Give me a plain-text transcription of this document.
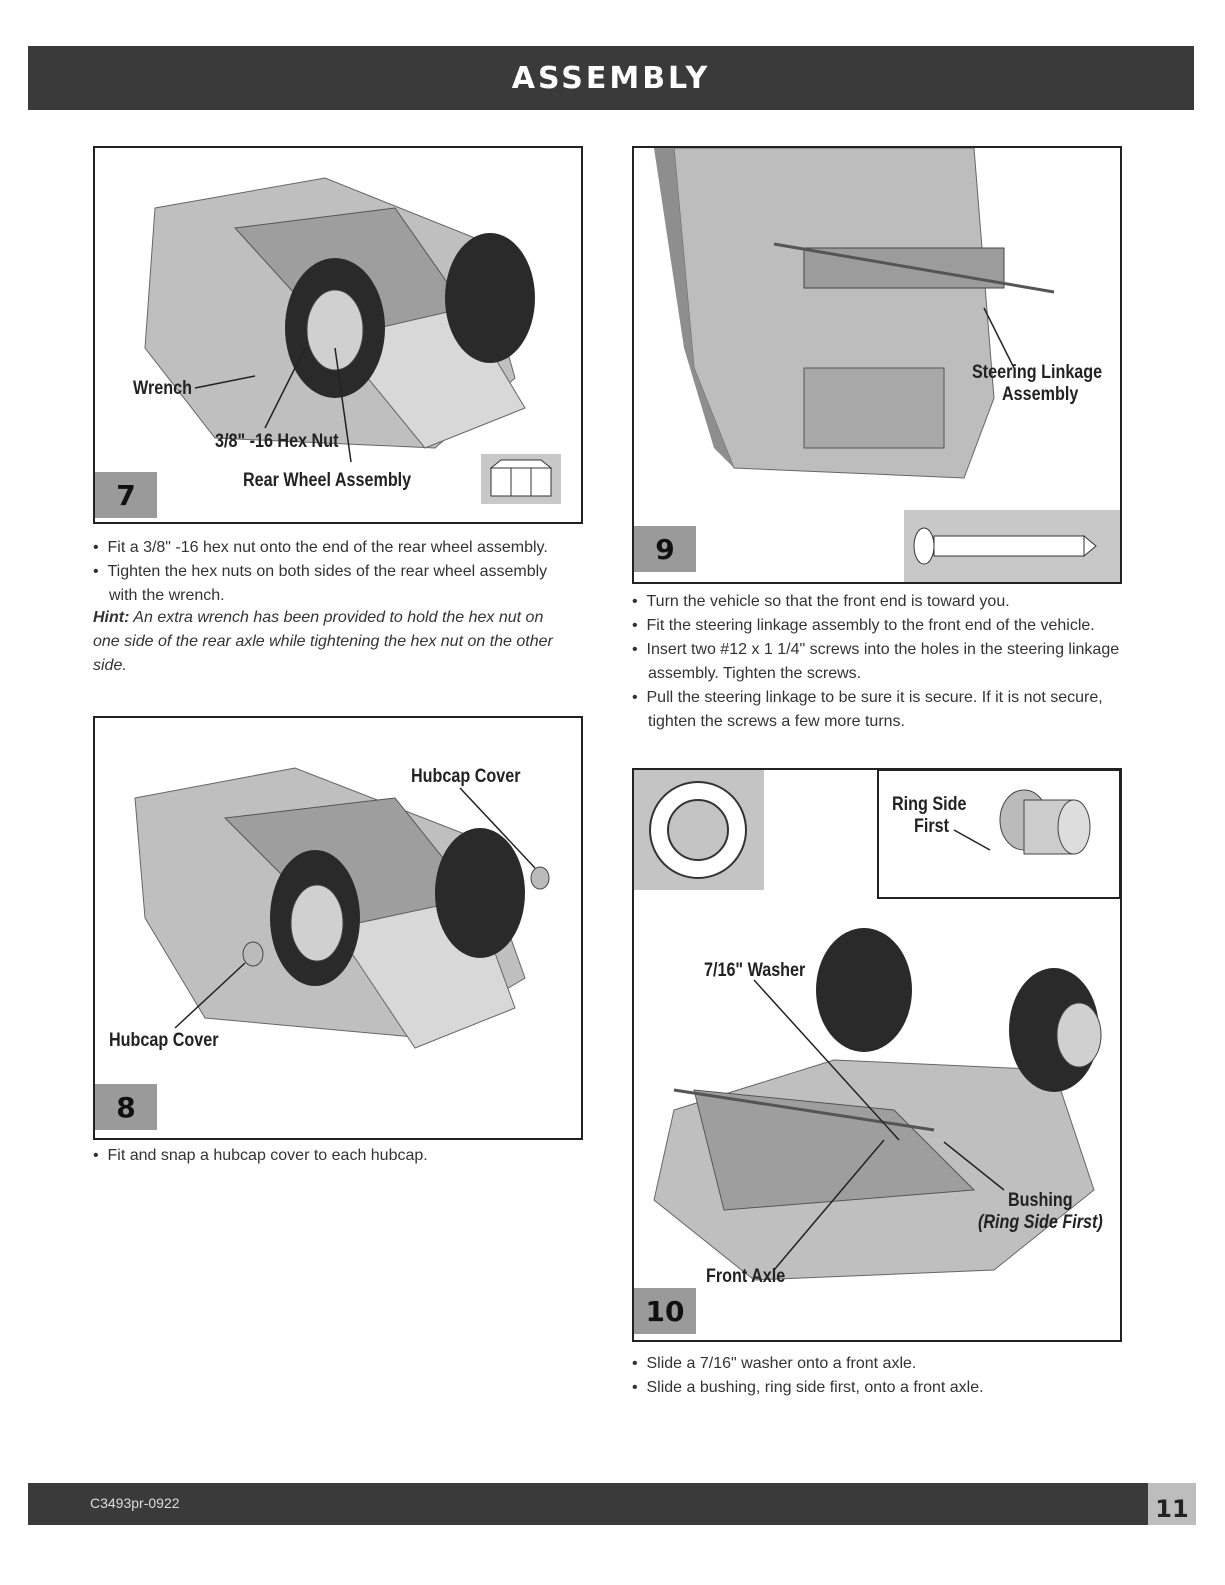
ASSEMBLY
7
Wrench
3/8" -16 Hex Nut
Rear Wheel Assembly

•  Fit a 3/8" -16 hex nut onto the end of the rear wheel assembly.

•  Tighten the hex nuts on both sides of the rear wheel assembly with the wrench.

Hint: An extra wrench has been provided to hold the hex nut on one side of the rear axle while tightening the hex nut on the other side.
Hubcap Cover
Hubcap Cover
8

•  Fit and snap a hubcap cover to each hubcap.

Steering Linkage
Assembly
9

•  Turn the vehicle so that the front end is toward you.

•  Fit the steering linkage assembly to the front end of the vehicle.

•  Insert two #12 x 1 1/4" screws into the holes in the steering linkage assembly. Tighten the screws.

•  Pull the steering linkage to be sure it is secure. If it is not secure, tighten the screws a few more turns.

Ring Side
First
7/16" Washer
Bushing
(Ring Side First)
Front Axle
10

•  Slide a 7/16" washer onto a front axle.

•  Slide a bushing, ring side first, onto a front axle.

C3493pr-0922	11
